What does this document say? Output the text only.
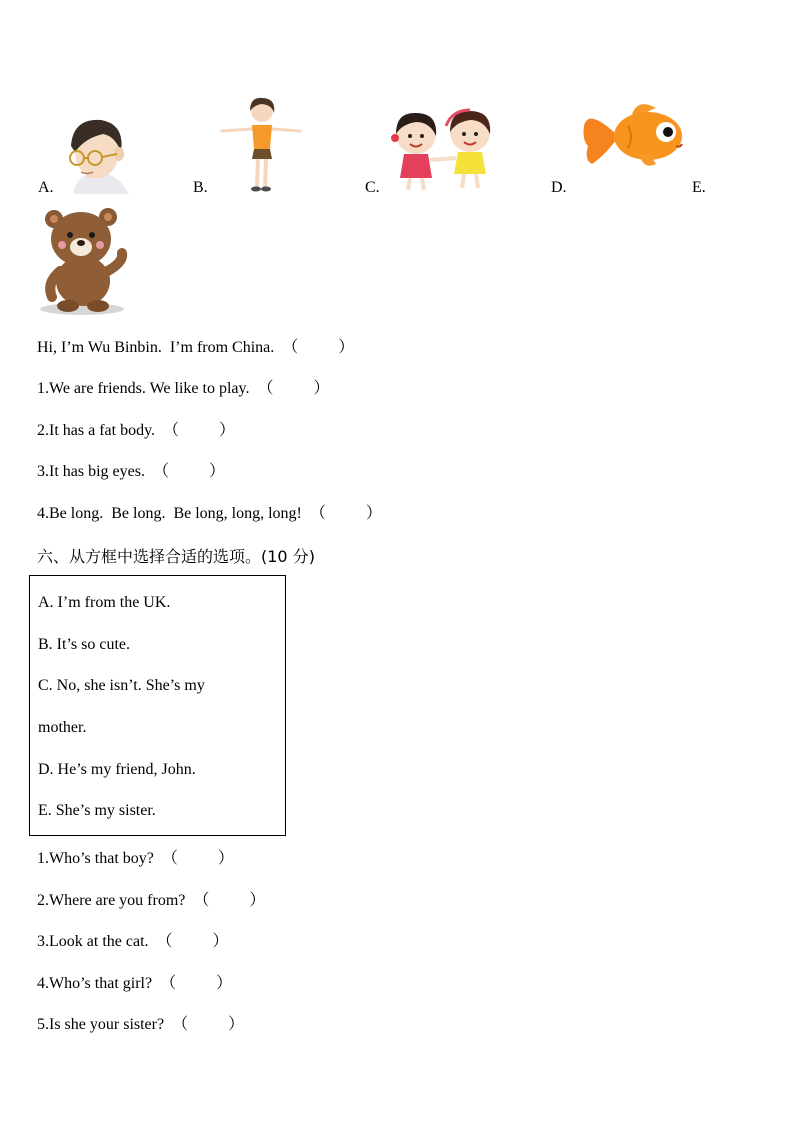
A.	B.	C.	D.	E.
Hi, I’m Wu Binbin.  I’m from China.  （          ）
1.We are friends. We like to play.  （          ）
2.It has a fat body.  （          ）
3.It has big eyes.  （          ）
4.Be long.  Be long.  Be long, long, long!  （          ）
六、从方框中选择合适的选项。(10 分)
A. I’m from the UK.
B. It’s so cute.
C. No, she isn’t. She’s my
mother.
D. He’s my friend, John.
E. She’s my sister.
1.Who’s that boy?  （          ）
2.Where are you from?  （          ）
3.Look at the cat.  （          ）
4.Who’s that girl?  （          ）
5.Is she your sister?  （          ）
